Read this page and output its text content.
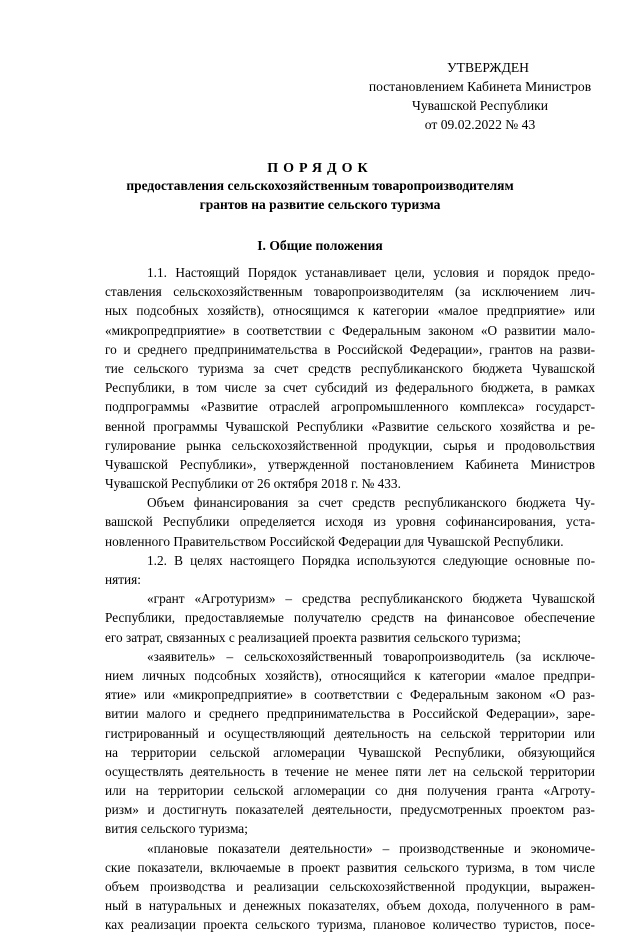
УТВЕРЖДЕН
постановлением Кабинета Министров
Чувашской Республики
от 09.02.2022 № 43
ПОРЯДОК
предоставления сельскохозяйственным товаропроизводителям
грантов на развитие сельского туризма
I. Общие положения
1.1. Настоящий Порядок устанавливает цели, условия и порядок предо-
ставления сельскохозяйственным товаропроизводителям (за исключением лич-
ных подсобных хозяйств), относящимся к категории «малое предприятие» или
«микропредприятие» в соответствии с Федеральным законом «О развитии мало-
го и среднего предпринимательства в Российской Федерации», грантов на разви-
тие сельского туризма за счет средств республиканского бюджета Чувашской
Республики, в том числе за счет субсидий из федерального бюджета, в рамках
подпрограммы «Развитие отраслей агропромышленного комплекса» государст-
венной программы Чувашской Республики «Развитие сельского хозяйства и ре-
гулирование рынка сельскохозяйственной продукции, сырья и продовольствия
Чувашской Республики», утвержденной постановлением Кабинета Министров
Чувашской Республики от 26 октября 2018 г. № 433.
Объем финансирования за счет средств республиканского бюджета Чу-
вашской Республики определяется исходя из уровня софинансирования, уста-
новленного Правительством Российской Федерации для Чувашской Республики.
1.2. В целях настоящего Порядка используются следующие основные по-
нятия:
«грант «Агротуризм» – средства республиканского бюджета Чувашской
Республики, предоставляемые получателю средств на финансовое обеспечение
его затрат, связанных с реализацией проекта развития сельского туризма;
«заявитель» – сельскохозяйственный товаропроизводитель (за исключе-
нием личных подсобных хозяйств), относящийся к категории «малое предпри-
ятие» или «микропредприятие» в соответствии с Федеральным законом «О раз-
витии малого и среднего предпринимательства в Российской Федерации», заре-
гистрированный и осуществляющий деятельность на сельской территории или
на территории сельской агломерации Чувашской Республики, обязующийся
осуществлять деятельность в течение не менее пяти лет на сельской территории
или на территории сельской агломерации со дня получения гранта «Агроту-
ризм» и достигнуть показателей деятельности, предусмотренных проектом раз-
вития сельского туризма;
«плановые показатели деятельности» – производственные и экономиче-
ские показатели, включаемые в проект развития сельского туризма, в том числе
объем производства и реализации сельскохозяйственной продукции, выражен-
ный в натуральных и денежных показателях, объем дохода, полученного в рам-
ках реализации проекта сельского туризма, плановое количество туристов, посе-
